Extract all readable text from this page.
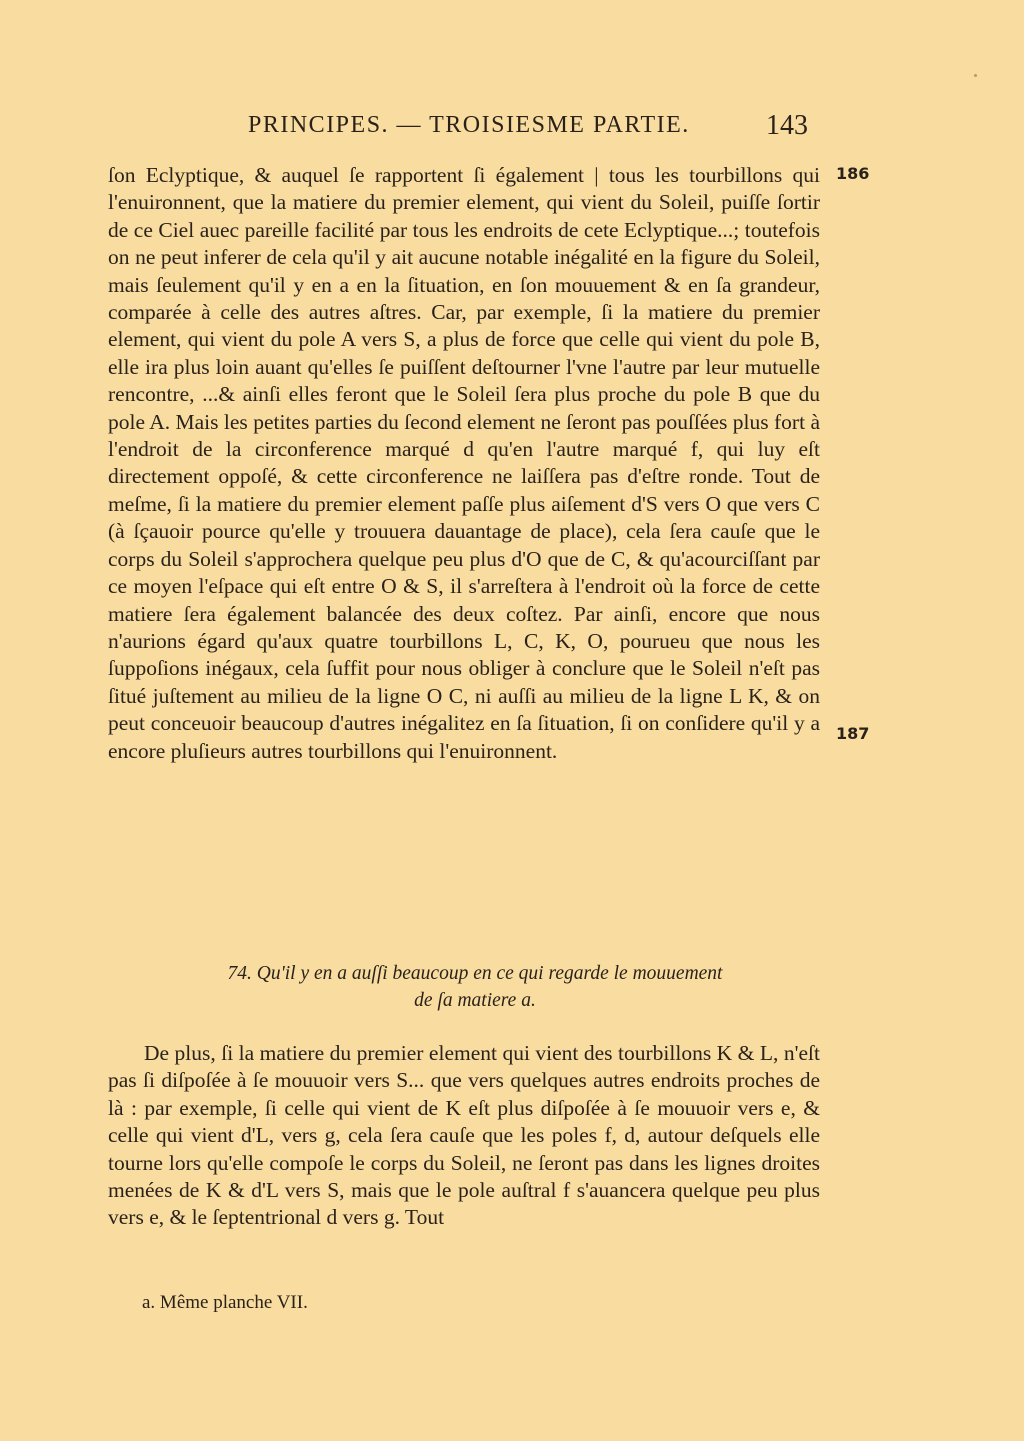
PRINCIPES. — TROISIESME PARTIE.	143
186
187

ſon Eclyptique, & auquel ſe rapportent ſi également | tous les tourbillons qui l'enuironnent, que la matiere du premier element, qui vient du Soleil, puiſſe ſortir de ce Ciel auec pareille facilité par tous les endroits de cete Eclyptique...; toutefois on ne peut inferer de cela qu'il y ait aucune notable inégalité en la figure du Soleil, mais ſeulement qu'il y en a en la ſituation, en ſon mouuement & en ſa grandeur, comparée à celle des autres aſtres. Car, par exemple, ſi la matiere du premier element, qui vient du pole A vers S, a plus de force que celle qui vient du pole B, elle ira plus loin auant qu'elles ſe puiſſent deſtourner l'vne l'autre par leur mutuelle rencontre, ...& ainſi elles feront que le Soleil ſera plus proche du pole B que du pole A. Mais les petites parties du ſecond element ne ſeront pas pouſſées plus fort à l'endroit de la circonference marqué d qu'en l'autre marqué f, qui luy eſt directement oppoſé, & cette circonference ne laiſſera pas d'eſtre ronde. Tout de meſme, ſi la matiere du premier element paſſe plus aiſement d'S vers O que vers C (à ſçauoir pource qu'elle y trouuera dauantage de place), cela ſera cauſe que le corps du Soleil s'approchera quelque peu plus d'O que de C, & qu'acourciſſant par ce moyen l'eſpace qui eſt entre O & S, il s'arreſtera à l'endroit où la force de cette matiere ſera également balancée des deux coſtez. Par ainſi, encore que nous n'aurions égard qu'aux quatre tourbillons L, C, K, O, pourueu que nous les ſuppoſions inégaux, cela ſuffit pour nous obliger à conclure que le Soleil n'eſt pas ſitué juſtement au milieu de la ligne O C, ni auſſi au milieu de la ligne L K, & on peut conceuoir beaucoup d'autres inégalitez en ſa ſituation, ſi on conſidere qu'il y a encore pluſieurs autres tourbillons qui l'enuironnent.

74. Qu'il y en a auſſi beaucoup en ce qui regarde le mouuement
de ſa matiere a.

De plus, ſi la matiere du premier element qui vient des tourbillons K & L, n'eſt pas ſi diſpoſée à ſe mouuoir vers S... que vers quelques autres endroits proches de là : par exemple, ſi celle qui vient de K eſt plus diſpoſée à ſe mouuoir vers e, & celle qui vient d'L, vers g, cela ſera cauſe que les poles f, d, autour deſquels elle tourne lors qu'elle compoſe le corps du Soleil, ne ſeront pas dans les lignes droites menées de K & d'L vers S, mais que le pole auſtral f s'auancera quelque peu plus vers e, & le ſeptentrional d vers g. Tout

a. Même planche VII.
